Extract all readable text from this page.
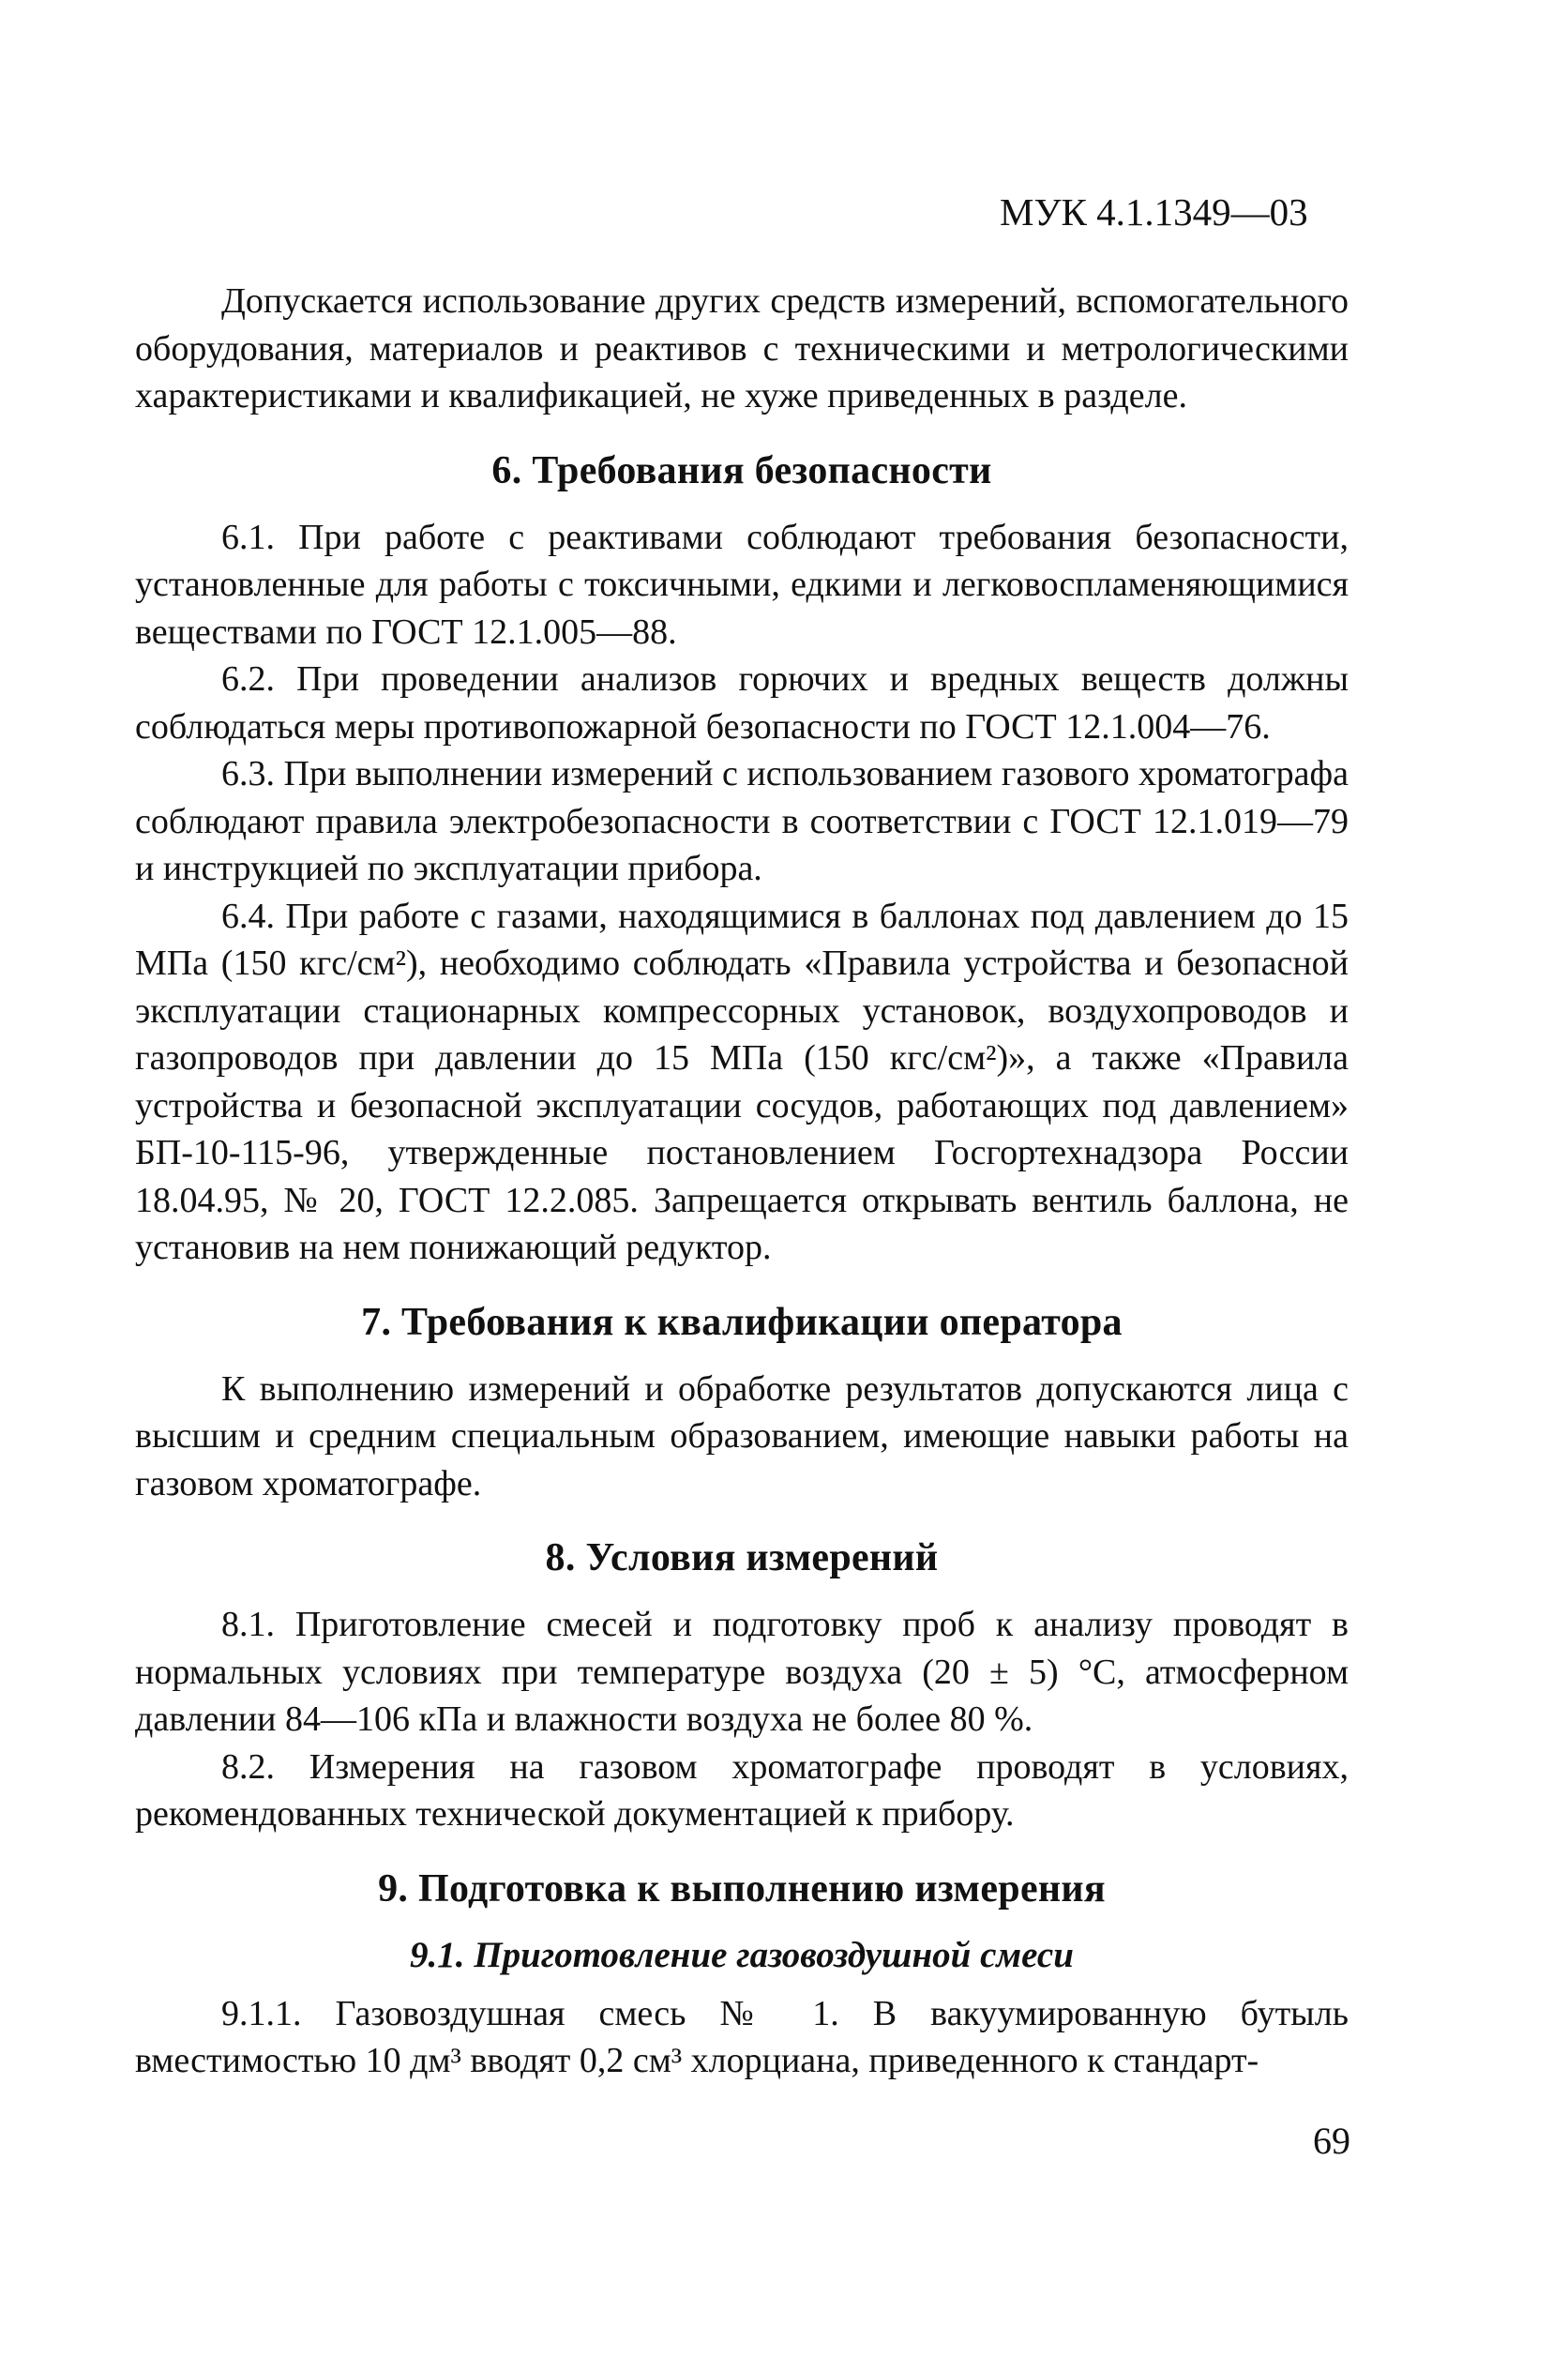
МУК 4.1.1349—03

Допускается использование других средств измерений, вспомогательного оборудования, материалов и реактивов с техническими и метрологическими характеристиками и квалификацией, не хуже приведенных в разделе.

6. Требования безопасности

6.1. При работе с реактивами соблюдают требования безопасности, установленные для работы с токсичными, едкими и легковоспламеняющимися веществами по ГОСТ 12.1.005—88.

6.2. При проведении анализов горючих и вредных веществ должны соблюдаться меры противопожарной безопасности по ГОСТ 12.1.004—76.

6.3. При выполнении измерений с использованием газового хроматографа соблюдают правила электробезопасности в соответствии с ГОСТ 12.1.019—79 и инструкцией по эксплуатации прибора.

6.4. При работе с газами, находящимися в баллонах под давлением до 15 МПа (150 кгс/см²), необходимо соблюдать «Правила устройства и безопасной эксплуатации стационарных компрессорных установок, воздухопроводов и газопроводов при давлении до 15 МПа (150 кгс/см²)», а также «Правила устройства и безопасной эксплуатации сосудов, работающих под давлением» БП-10-115-96, утвержденные постановлением Госгортехнадзора России 18.04.95, № 20, ГОСТ 12.2.085. Запрещается открывать вентиль баллона, не установив на нем понижающий редуктор.

7. Требования к квалификации оператора

К выполнению измерений и обработке результатов допускаются лица с высшим и средним специальным образованием, имеющие навыки работы на газовом хроматографе.

8. Условия измерений

8.1. Приготовление смесей и подготовку проб к анализу проводят в нормальных условиях при температуре воздуха (20 ± 5) °С, атмосферном давлении 84—106 кПа и влажности воздуха не более 80 %.

8.2. Измерения на газовом хроматографе проводят в условиях, рекомендованных технической документацией к прибору.

9. Подготовка к выполнению измерения
9.1. Приготовление газовоздушной смеси

9.1.1. Газовоздушная смесь № 1. В вакуумированную бутыль вместимостью 10 дм³ вводят 0,2 см³ хлорциана, приведенного к стандарт-

69
